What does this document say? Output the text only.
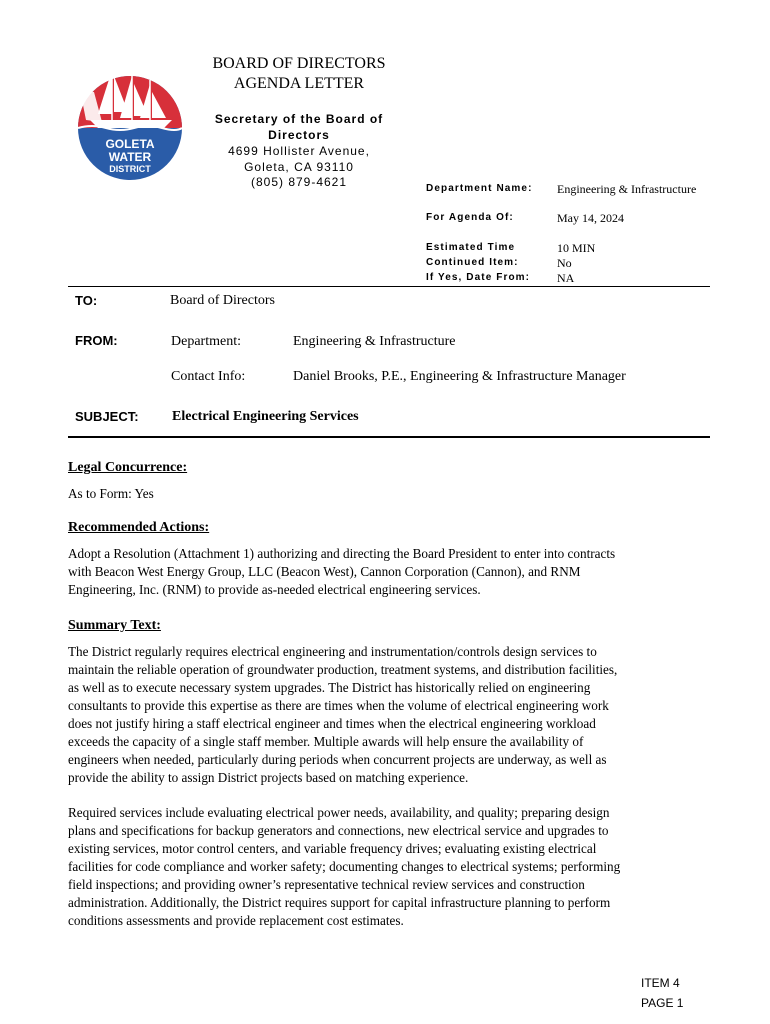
GOLETA
WATER
DISTRICT
BOARD OF DIRECTORS
AGENDA LETTER
Secretary of the Board of
Directors
4699 Hollister Avenue,
Goleta, CA 93110
(805) 879-4621	Department Name: Engineering & Infrastructure
For Agenda Of:	May 14, 2024
Estimated Time	10 MIN
Continued Item:	No
If Yes, Date From: NA
TO:	Board of Directors
FROM:	Department:	Engineering & Infrastructure
Contact Info:	Daniel Brooks, P.E., Engineering & Infrastructure Manager
SUBJECT: Electrical Engineering Services
Legal Concurrence:
As to Form: Yes
Recommended Actions:
Adopt a Resolution (Attachment 1) authorizing and directing the Board President to enter into contracts
with Beacon West Energy Group, LLC (Beacon West), Cannon Corporation (Cannon), and RNM
Engineering, Inc. (RNM) to provide as-needed electrical engineering services.
Summary Text:
The District regularly requires electrical engineering and instrumentation/controls design services to
maintain the reliable operation of groundwater production, treatment systems, and distribution facilities,
as well as to execute necessary system upgrades. The District has historically relied on engineering
consultants to provide this expertise as there are times when the volume of electrical engineering work
does not justify hiring a staff electrical engineer and times when the electrical engineering workload
exceeds the capacity of a single staff member. Multiple awards will help ensure the availability of
engineers when needed, particularly during periods when concurrent projects are underway, as well as
provide the ability to assign District projects based on matching experience.
Required services include evaluating electrical power needs, availability, and quality; preparing design
plans and specifications for backup generators and connections, new electrical service and upgrades to
existing services, motor control centers, and variable frequency drives; evaluating existing electrical
facilities for code compliance and worker safety; documenting changes to electrical systems; performing
field inspections; and providing owner’s representative technical review services and construction
administration. Additionally, the District requires support for capital infrastructure planning to perform
conditions assessments and provide replacement cost estimates.
ITEM 4
PAGE 1
